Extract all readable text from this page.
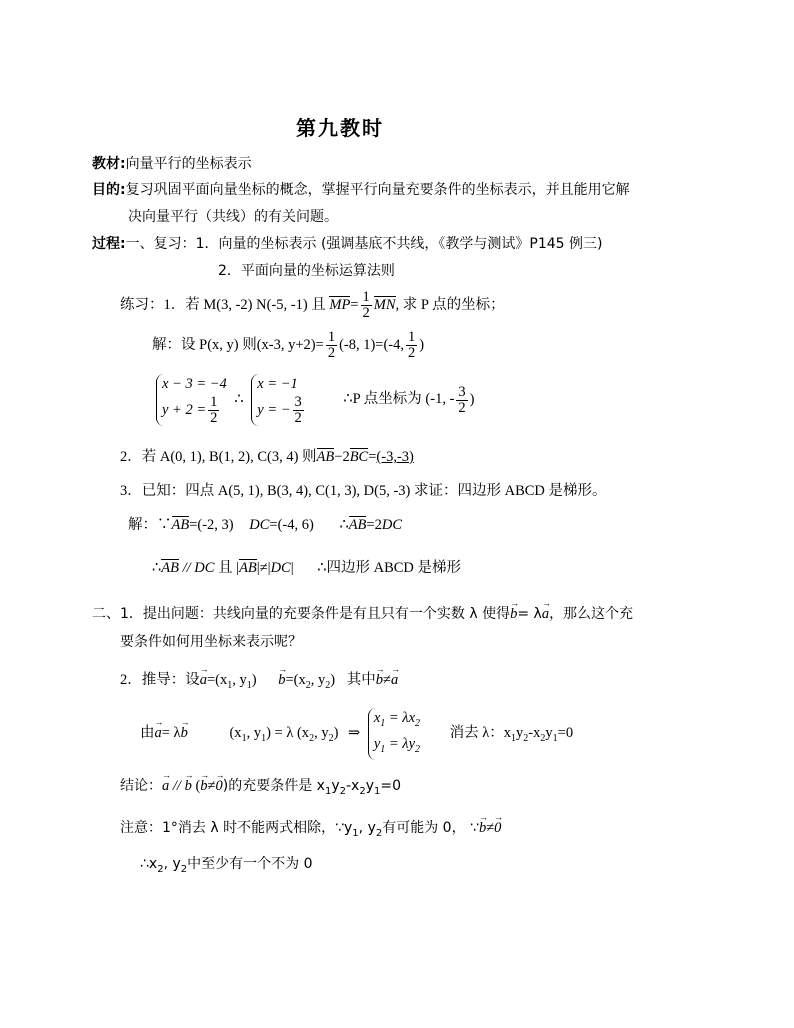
第九教时
教材:向量平行的坐标表示
目的:复习巩固平面向量坐标的概念，掌握平行向量充要条件的坐标表示，并且能用它解
决向量平行（共线）的有关问题。
过程:一、复习：1．向量的坐标表示 (强调基底不共线，《教学与测试》P145 例三)
2．平面向量的坐标运算法则
练习：1．若 M(3, -2) N(-5, -1) 且 $MP= \frac{1}{2}$ MN, 求 P 点的坐标；
解：设 P(x, y) 则(x-3, $y+2)= \frac{1}{2} (-8$, 1)=(-4, $\frac{1}{2}$ )
x − 3 = −4
$y + 2 = \frac{1}{2}$ ∴
x = −1
y = − $\frac{3}{2}$	∴P 点坐标为 (-1, - $\frac{3}{2}$ )
2．若 A(0, 1), B(1, 2), C(3, 4) 则AB−2BC=(-3,-3)
3．已知：四点 A(5, 1), B(3, 4), C(1, 3), D(5, -3) 求证：四边形 ABCD 是梯形。
解：∵AB=(-2, 3) DC=(-4, 6) ∴AB=2DC
∴AB // DC 且 |AB|≠|DC| ∴四边形 ABCD 是梯形
二、1．提出问题：共线向量的充要条件是有且只有一个实数 λ 使得→ b= λ→ a，那么这个充
要条件如何用坐标来表示呢？
2．推导：设→ $a=(x_1$, $y_1) \to b=(x_2$, $y_2$) 其中→ b≠→ a
由→ a= λ→ b	($x_1$, $y_1) = \lambda$ ($x_2$, $y_2$) ⇒
$x_1 = \lambda x_2$
$y_1 = \lambda y_2$
消去 λ：$x_1y_2-x_2y_1=0$
结论：→ a // → b (→ b≠→ 0)的充要条件是 $x_1y_2-x_2y_1=0$
注意：1°消去 λ 时不能两式相除，$\because y_1$, $y_2$有可能为 0， ∵→ b≠→ 0
$\therefore x_2$, $y_2$中至少有一个不为 0
